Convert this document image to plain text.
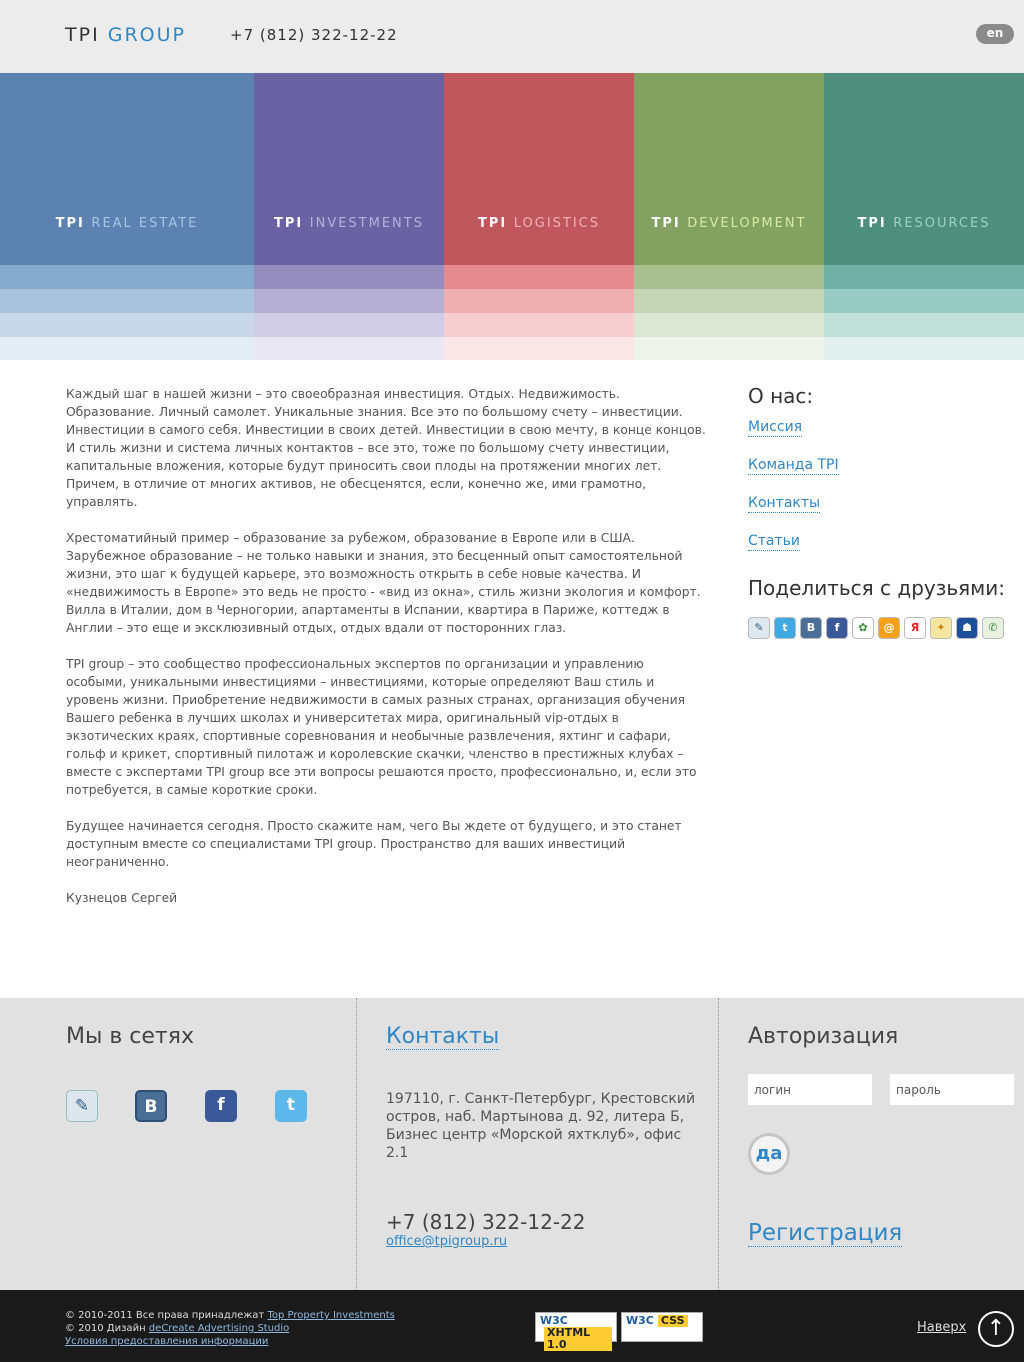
TPI GROUP	+7 (812) 322-12-22	en
TPI REAL ESTATE	TPI INVESTMENTS	TPI LOGISTICS	TPI DEVELOPMENT	TPI RESOURCES

Каждый шаг в нашей жизни – это своеобразная инвестиция. Отдых. Недвижимость. Образование. Личный самолет. Уникальные знания. Все это по большому счету – инвестиции. Инвестиции в самого себя. Инвестиции в своих детей. Инвестиции в свою мечту, в конце концов. И стиль жизни и система личных контактов – все это, тоже по большому счету инвестиции, капитальные вложения, которые будут приносить свои плоды на протяжении многих лет. Причем, в отличие от многих активов, не обесценятся, если, конечно же, ими грамотно, управлять.

Хрестоматийный пример – образование за рубежом, образование в Европе или в США. Зарубежное образование – не только навыки и знания, это бесценный опыт самостоятельной жизни, это шаг к будущей карьере, это возможность открыть в себе новые качества. И «недвижимость в Европе» это ведь не просто - «вид из окна», стиль жизни экология и комфорт. Вилла в Италии, дом в Черногории, апартаменты в Испании, квартира в Париже, коттедж в Англии – это еще и эксклюзивный отдых, отдых вдали от посторонних глаз.

TPI group – это сообщество профессиональных экспертов по организации и управлению особыми, уникальными инвестициями – инвестициями, которые определяют Ваш стиль и уровень жизни. Приобретение недвижимости в самых разных странах, организация обучения Вашего ребенка в лучших школах и университетах мира, оригинальный vip-отдых в экзотических краях, спортивные соревнования и необычные развлечения, яхтинг и сафари, гольф и крикет, спортивный пилотаж и королевские скачки, членство в престижных клубах – вместе с экспертами TPI group все эти вопросы решаются просто, профессионально, и, если это потребуется, в самые короткие сроки.

Будущее начинается сегодня. Просто скажите нам, чего Вы ждете от будущего, и это станет доступным вместе со специалистами TPI group. Пространство для ваших инвестиций неограниченно.

Кузнецов Сергей

О нас:
Миссия
Команда TPI
Контакты
Статьи
Поделиться с друзьями:
✎	t	B	f	✿	@	Я	✦	☗	✆
Мы в сетях
✎	B	f	t
Контакты
197110, г. Санкт-Петербург, Крестовский остров, наб. Мартынова д. 92, литера Б, Бизнес центр «Морской яхтклуб», офис 2.1
+7 (812) 322-12-22
office@tpigroup.ru
Авторизация
логин
да
Регистрация
© 2010-2011 Все права принадлежат Top Property Investments
© 2010 Дизайн deCreate Advertising Studio
Условия предоставления информации
W3CXHTML 1.0
W3C CSS	Наверх ↑
